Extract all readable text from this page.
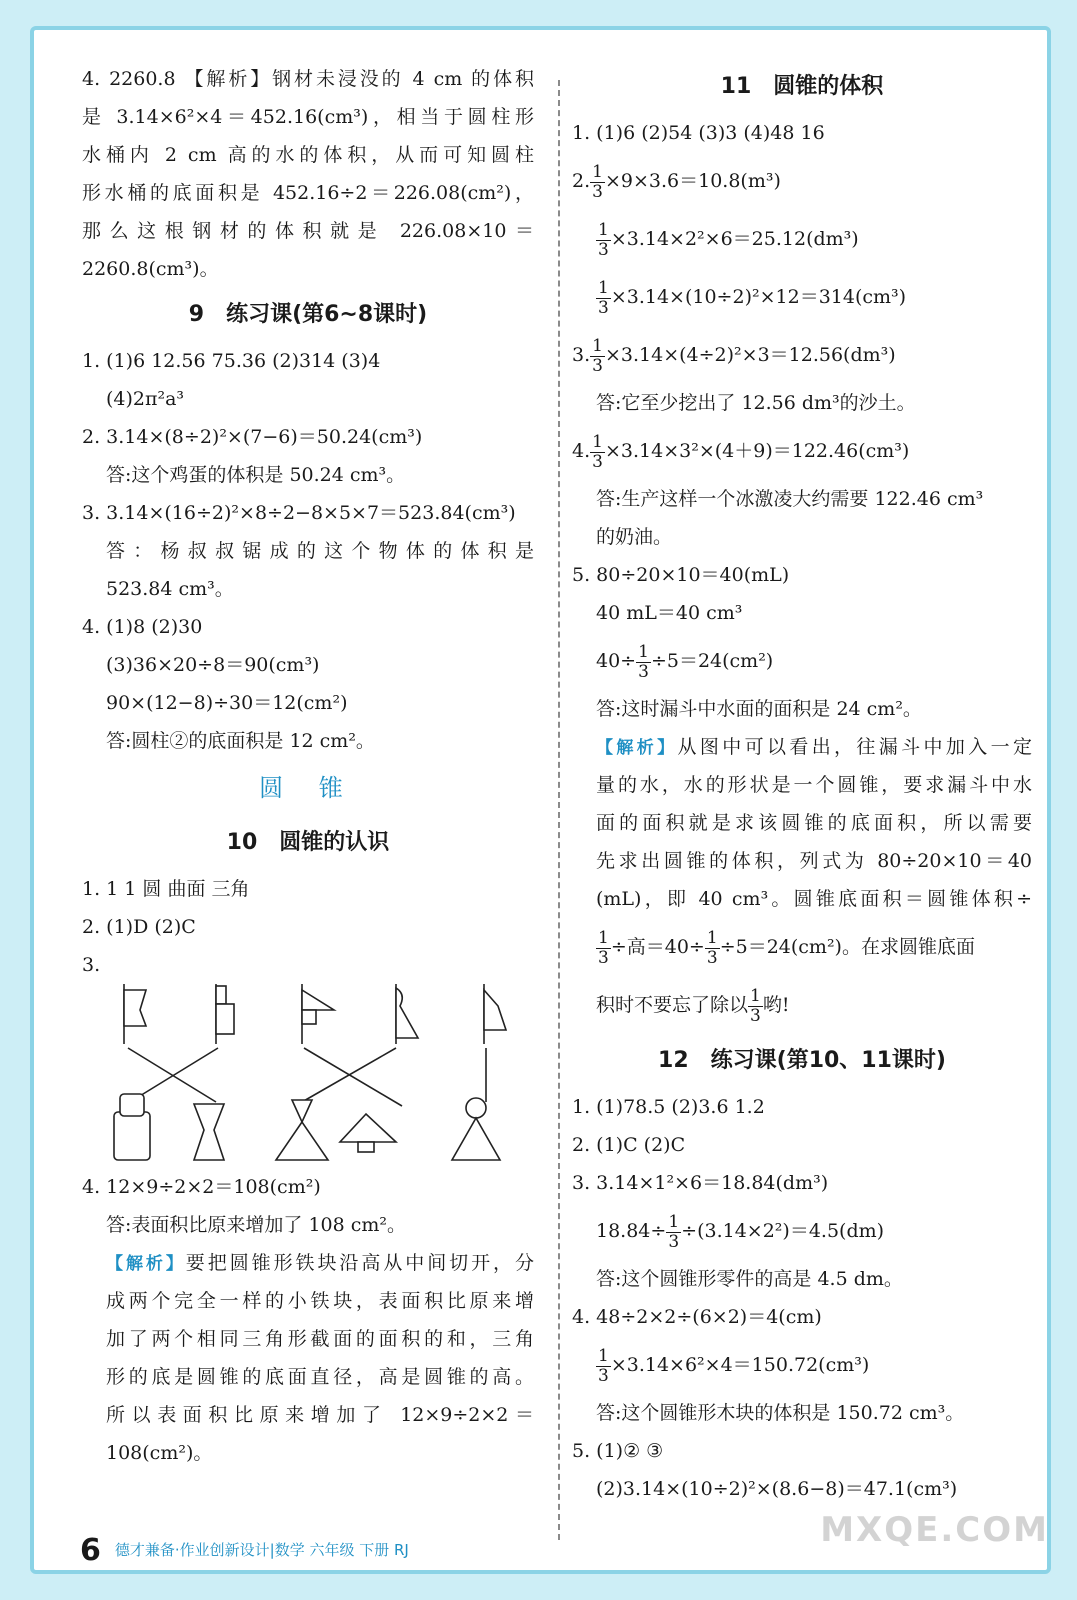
4. 2260.8 【解析】钢材未浸没的 4 cm 的体积
是 3.14×6²×4＝452.16(cm³)，相当于圆柱形
水桶内 2 cm 高的水的体积，从而可知圆柱
形水桶的底面积是 452.16÷2＝226.08(cm²)，
那么这根钢材的体积就是 226.08×10＝
2260.8(cm³)。
9 练习课(第6~8课时)
1. (1)6 12.56 75.36 (2)314 (3)4
(4)2π²a³
2. 3.14×(8÷2)²×(7−6)＝50.24(cm³)
答:这个鸡蛋的体积是 50.24 cm³。
3. 3.14×(16÷2)²×8÷2−8×5×7＝523.84(cm³)
答：杨叔叔锯成的这个物体的体积是
523.84 cm³。
4. (1)8 (2)30
(3)36×20÷8＝90(cm³)
90×(12−8)÷30＝12(cm²)
答:圆柱②的底面积是 12 cm²。
圆 锥
10 圆锥的认识
1. 1 1 圆 曲面 三角
2. (1)D (2)C
3.
4. 12×9÷2×2＝108(cm²)
答:表面积比原来增加了 108 cm²。
【解析】要把圆锥形铁块沿高从中间切开，分
成两个完全一样的小铁块，表面积比原来增
加了两个相同三角形截面的面积的和，三角
形的底是圆锥的底面直径，高是圆锥的高。
所以表面积比原来增加了 12×9÷2×2＝
108(cm²)。
11 圆锥的体积
1. (1)6 (2)54 (3)3 (4)48 16
2. $\frac{1}{3} \times 9\times 3.6=10.8(m^3)$
$\frac{1}{3} \times 3.14\times 2^2\times 6=25.12(dm^3)$
$\frac{1}{3} \times 3.14\times(10\div 2)^2\times 12=314(cm^3)$
3. $\frac{1}{3} \times 3.14\times(4\div 2)^2\times 3=12.56(dm^3)$
答:它至少挖出了 12.56 dm³的沙土。
4. $\frac{1}{3} \times 3.14\times 3^2\times(4+9)=122.46(cm^3)$
答:生产这样一个冰激凌大约需要 122.46 cm³
的奶油。
5. 80÷20×10＝40(mL)
40 mL＝40 cm³
$40\div \frac{1}{3} \div 5=24(cm^2)$
答:这时漏斗中水面的面积是 24 cm²。
【解析】从图中可以看出，往漏斗中加入一定
量的水，水的形状是一个圆锥，要求漏斗中水
面的面积就是求该圆锥的底面积，所以需要
先求出圆锥的体积，列式为 80÷20×10＝40
(mL)，即 40 cm³。圆锥底面积＝圆锥体积÷
$\frac{1}{3}$ ÷高$=40\div \frac{1}{3} \div 5=24(cm^2)$。在求圆锥底面
积时不要忘了除以 $\frac{1}{3}$ 哟!
12 练习课(第10、11课时)
1. (1)78.5 (2)3.6 1.2
2. (1)C (2)C
3. 3.14×1²×6＝18.84(dm³)
$18.84\div \frac{1}{3} \div(3.14\times 2^2)=4.5(dm)$
答:这个圆锥形零件的高是 4.5 dm。
4. 48÷2×2÷(6×2)＝4(cm)
$\frac{1}{3} \times 3.14\times 6^2\times 4=150.72(cm^3)$
答:这个圆锥形木块的体积是 150.72 cm³。
5. (1)② ③
(2)3.14×(10÷2)²×(8.6−8)＝47.1(cm³)
6 德才兼备·作业创新设计|数学 六年级 下册 RJ	MXQE.COM
